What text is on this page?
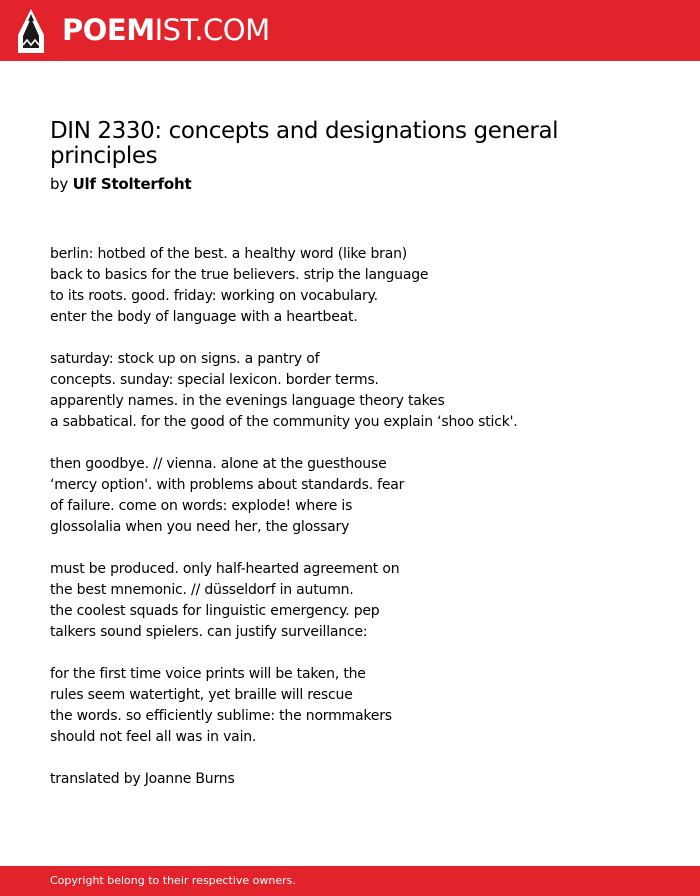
POEMIST.COM
DIN 2330: concepts and designations general principles
by Ulf Stolterfoht
berlin: hotbed of the best. a healthy word (like bran)
back to basics for the true believers. strip the language
to its roots. good. friday: working on vocabulary.
enter the body of language with a heartbeat.
saturday: stock up on signs. a pantry of
concepts. sunday: special lexicon. border terms.
apparently names. in the evenings language theory takes
a sabbatical. for the good of the community you explain ‘shoo stick'.
then goodbye. // vienna. alone at the guesthouse
‘mercy option'. with problems about standards. fear
of failure. come on words: explode! where is
glossolalia when you need her, the glossary
must be produced. only half-hearted agreement on
the best mnemonic. // düsseldorf in autumn.
the coolest squads for linguistic emergency. pep
talkers sound spielers. can justify surveillance:
for the first time voice prints will be taken, the
rules seem watertight, yet braille will rescue
the words. so efficiently sublime: the normmakers
should not feel all was in vain.
translated by Joanne Burns
Copyright belong to their respective owners.
